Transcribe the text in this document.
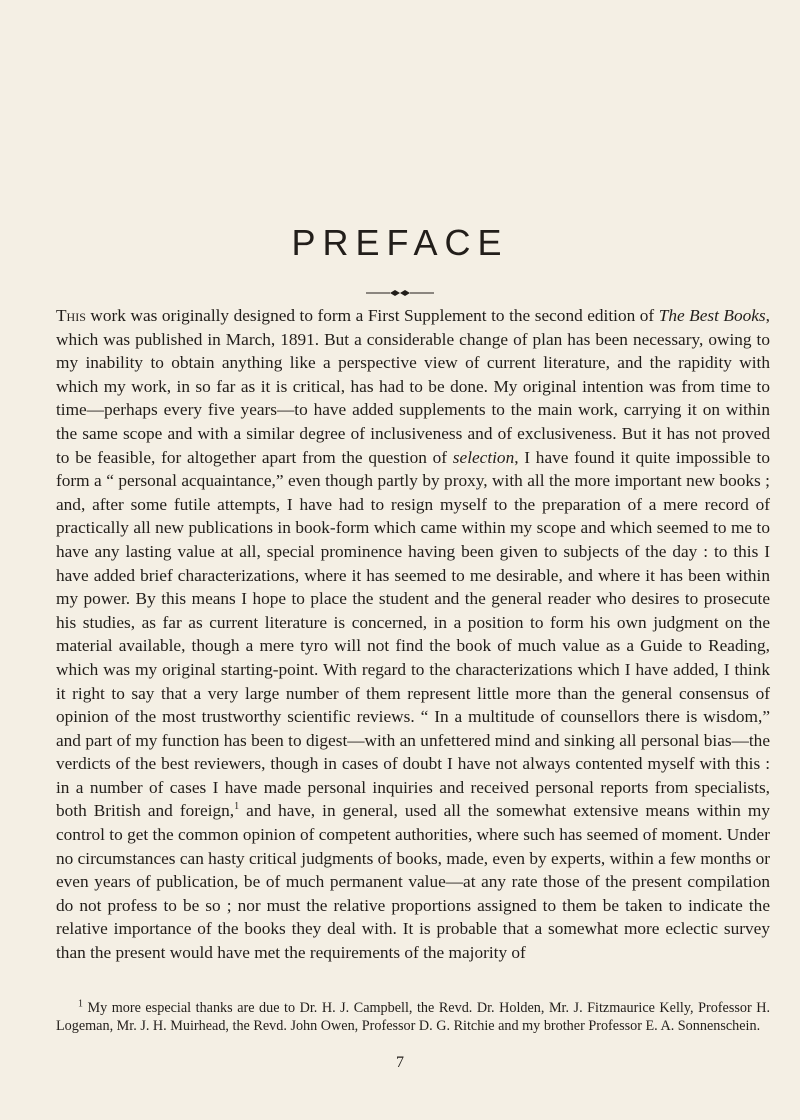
PREFACE

This work was originally designed to form a First Supplement to the second edition of The Best Books, which was published in March, 1891. But a considerable change of plan has been necessary, owing to my inability to obtain anything like a perspective view of current literature, and the rapidity with which my work, in so far as it is critical, has had to be done. My original intention was from time to time—perhaps every five years—to have added supplements to the main work, carrying it on within the same scope and with a similar degree of inclusiveness and of exclusiveness. But it has not proved to be feasible, for altogether apart from the question of selection, I have found it quite impossible to form a “ personal acquaintance,” even though partly by proxy, with all the more important new books ; and, after some futile attempts, I have had to resign myself to the preparation of a mere record of practically all new publications in book-form which came within my scope and which seemed to me to have any lasting value at all, special prominence having been given to subjects of the day : to this I have added brief characterizations, where it has seemed to me desirable, and where it has been within my power. By this means I hope to place the student and the general reader who desires to prosecute his studies, as far as current literature is concerned, in a position to form his own judgment on the material available, though a mere tyro will not find the book of much value as a Guide to Reading, which was my original starting-point. With regard to the characterizations which I have added, I think it right to say that a very large number of them represent little more than the general consensus of opinion of the most trustworthy scientific reviews. “ In a multitude of counsellors there is wisdom,” and part of my function has been to digest—with an unfettered mind and sinking all personal bias—the verdicts of the best reviewers, though in cases of doubt I have not always contented myself with this : in a number of cases I have made personal inquiries and received personal reports from specialists, both British and foreign,$^1$ and have, in general, used all the somewhat extensive means within my control to get the common opinion of competent authorities, where such has seemed of moment. Under no circumstances can hasty critical judgments of books, made, even by experts, within a few months or even years of publication, be of much permanent value—at any rate those of the present compilation do not profess to be so ; nor must the relative proportions assigned to them be taken to indicate the relative importance of the books they deal with. It is probable that a somewhat more eclectic survey than the present would have met the requirements of the majority of

$^1$ My more especial thanks are due to Dr. H. J. Campbell, the Revd. Dr. Holden, Mr. J. Fitzmaurice Kelly, Professor H. Logeman, Mr. J. H. Muirhead, the Revd. John Owen, Professor D. G. Ritchie and my brother Professor E. A. Sonnenschein.

7
